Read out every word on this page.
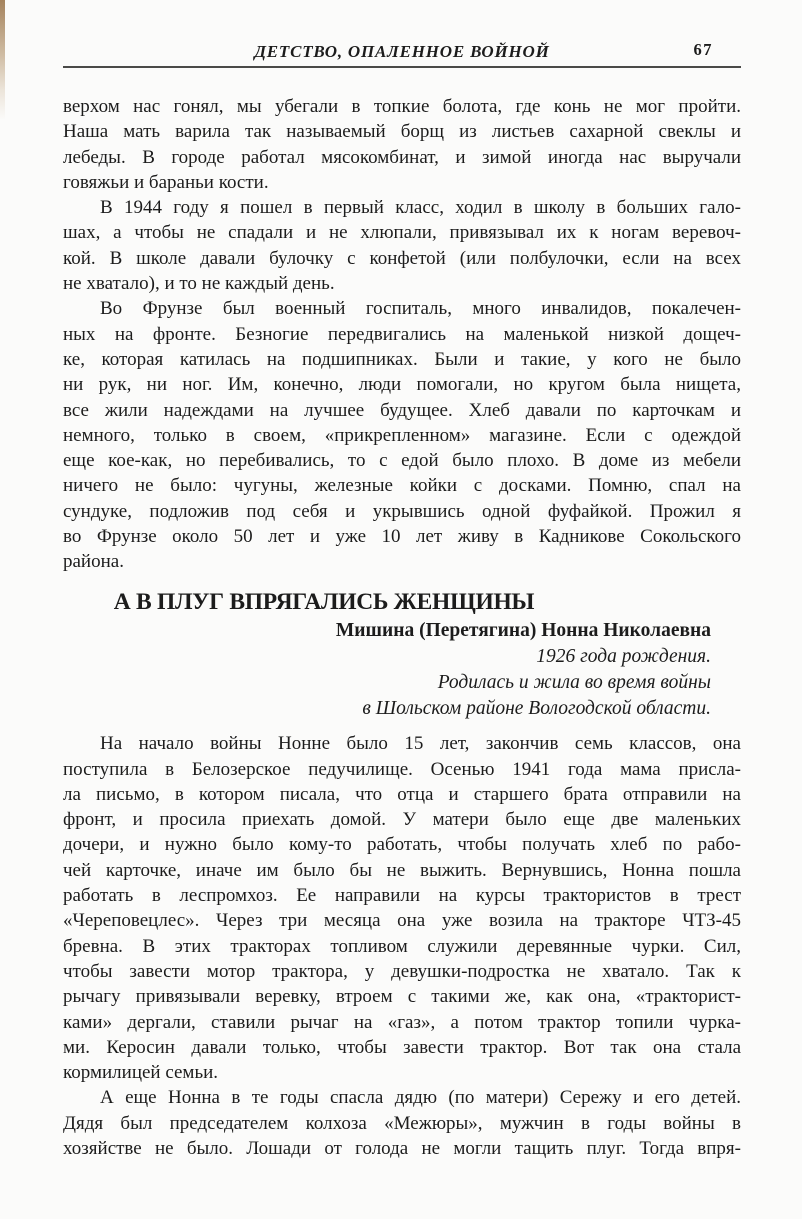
ДЕТСТВО, ОПАЛЕННОЕ ВОЙНОЙ	67
верхом нас гонял, мы убегали в топкие болота, где конь не мог пройти.
Наша мать варила так называемый борщ из листьев сахарной свеклы и
лебеды. В городе работал мясокомбинат, и зимой иногда нас выручали
говяжьи и бараньи кости.
В 1944 году я пошел в первый класс, ходил в школу в больших гало-
шах, а чтобы не спадали и не хлюпали, привязывал их к ногам веревоч-
кой. В школе давали булочку с конфетой (или полбулочки, если на всех
не хватало), и то не каждый день.
Во Фрунзе был военный госпиталь, много инвалидов, покалечен-
ных на фронте. Безногие передвигались на маленькой низкой дощеч-
ке, которая катилась на подшипниках. Были и такие, у кого не было
ни рук, ни ног. Им, конечно, люди помогали, но кругом была нищета,
все жили надеждами на лучшее будущее. Хлеб давали по карточкам и
немного, только в своем, «прикрепленном» магазине. Если с одеждой
еще кое-как, но перебивались, то с едой было плохо. В доме из мебели
ничего не было: чугуны, железные койки с досками. Помню, спал на
сундуке, подложив под себя и укрывшись одной фуфайкой. Прожил я
во Фрунзе около 50 лет и уже 10 лет живу в Кадникове Сокольского
района.
А В ПЛУГ ВПРЯГАЛИСЬ ЖЕНЩИНЫ
Мишина (Перетягина) Нонна Николаевна
1926 года рождения.
Родилась и жила во время войны
в Шольском районе Вологодской области.
На начало войны Нонне было 15 лет, закончив семь классов, она
поступила в Белозерское педучилище. Осенью 1941 года мама присла-
ла письмо, в котором писала, что отца и старшего брата отправили на
фронт, и просила приехать домой. У матери было еще две маленьких
дочери, и нужно было кому-то работать, чтобы получать хлеб по рабо-
чей карточке, иначе им было бы не выжить. Вернувшись, Нонна пошла
работать в леспромхоз. Ее направили на курсы трактористов в трест
«Череповецлес». Через три месяца она уже возила на тракторе ЧТЗ-45
бревна. В этих тракторах топливом служили деревянные чурки. Сил,
чтобы завести мотор трактора, у девушки-подростка не хватало. Так к
рычагу привязывали веревку, втроем с такими же, как она, «тракторист-
ками» дергали, ставили рычаг на «газ», а потом трактор топили чурка-
ми. Керосин давали только, чтобы завести трактор. Вот так она стала
кормилицей семьи.
А еще Нонна в те годы спасла дядю (по матери) Сережу и его детей.
Дядя был председателем колхоза «Межюры», мужчин в годы войны в
хозяйстве не было. Лошади от голода не могли тащить плуг. Тогда впря-
